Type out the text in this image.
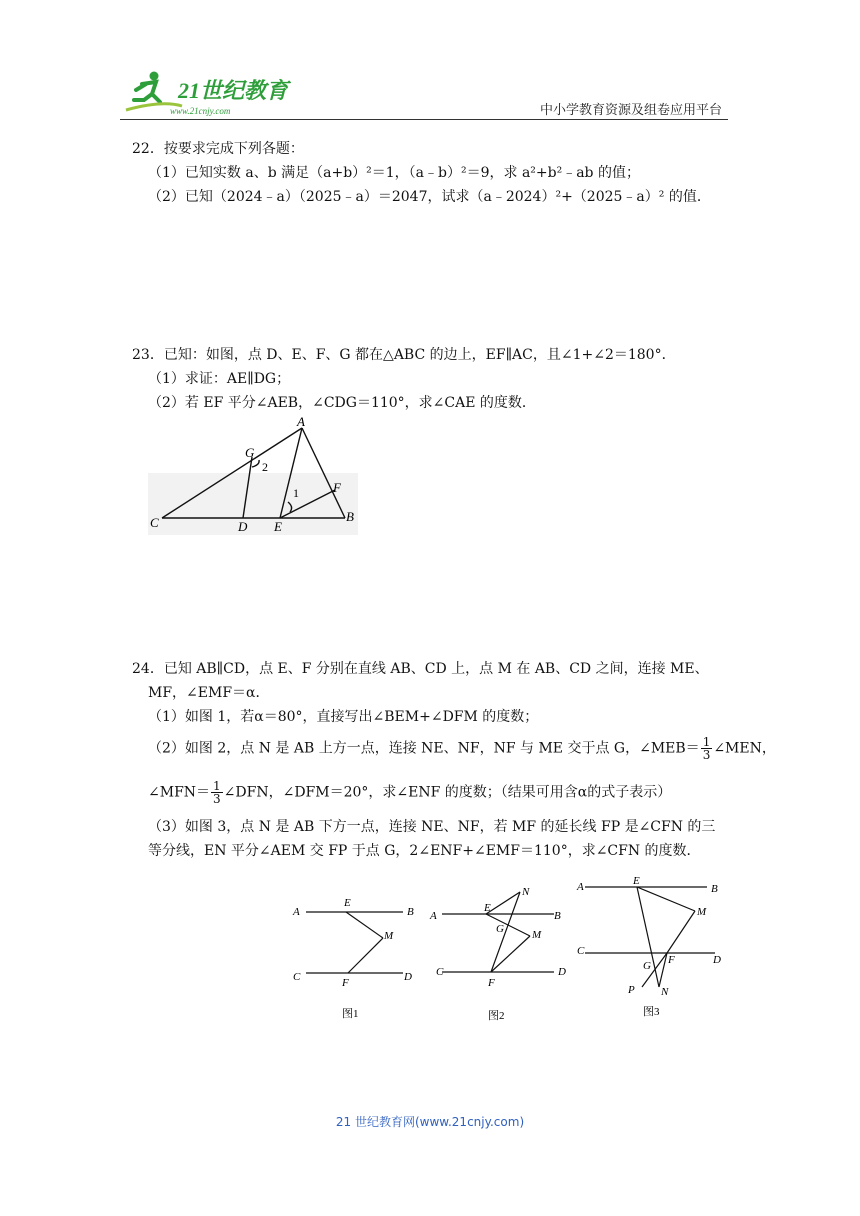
21世纪教育
www.21cnjy.com	中小学教育资源及组卷应用平台
22．按要求完成下列各题：
（1）已知实数 a、b 满足（a+b）²＝1，（a﹣b）²＝9，求 a²+b²﹣ab 的值；
（2）已知（2024﹣a）（2025﹣a）＝2047，试求（a﹣2024）²+（2025﹣a）² 的值．
23．已知：如图，点 D、E、F、G 都在△ABC 的边上，EF∥AC，且∠1+∠2＝180°．
（1）求证：AE∥DG；
（2）若 EF 平分∠AEB，∠CDG＝110°，求∠CAE 的度数．
A
B
C	D E
F
G
1
2
24．已知 AB∥CD，点 E、F 分别在直线 AB、CD 上，点 M 在 AB、CD 之间，连接 ME、
MF，∠EMF＝α．
（1）如图 1，若α＝80°，直接写出∠BEM+∠DFM 的度数；
（2）如图 2，点 N 是 AB 上方一点，连接 NE、NF，NF 与 ME 交于点 G，∠MEB＝ $\frac{1}{3}$ ∠MEN，
∠MFN＝ $\frac{1}{3}$ ∠DFN，∠DFM＝20°，求∠ENF 的度数；（结果可用含α的式子表示）
（3）如图 3，点 N 是 AB 下方一点，连接 NE、NF，若 MF 的延长线 FP 是∠CFN 的三
等分线，EN 平分∠AEM 交 FP 于点 G，2∠ENF+∠EMF＝110°，求∠CFN 的度数．
A	B
E
M
C	D
F
图1
A	B
E
N
G	M
C	D
F
图2
A	B
E
M
C
D
G F
P N
图3
21 世纪教育网(www.21cnjy.com)
